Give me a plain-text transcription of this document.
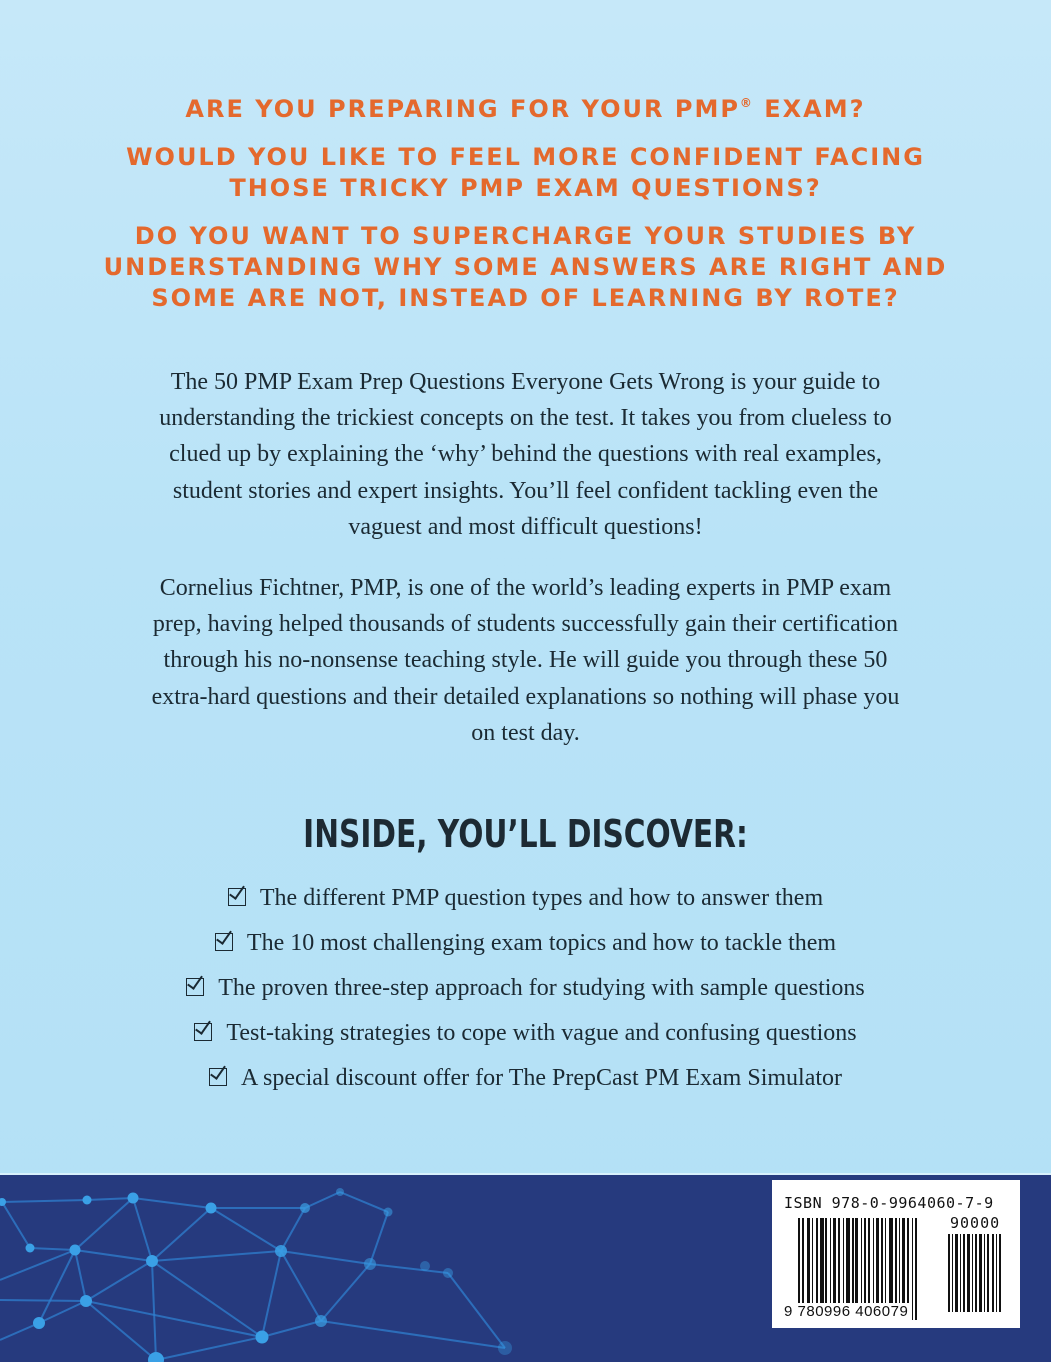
ARE YOU PREPARING FOR YOUR PMP® EXAM?

WOULD YOU LIKE TO FEEL MORE CONFIDENT FACING
THOSE TRICKY PMP EXAM QUESTIONS?

DO YOU WANT TO SUPERCHARGE YOUR STUDIES BY
UNDERSTANDING WHY SOME ANSWERS ARE RIGHT AND
SOME ARE NOT, INSTEAD OF LEARNING BY ROTE?

The 50 PMP Exam Prep Questions Everyone Gets Wrong is your guide to
understanding the trickiest concepts on the test. It takes you from clueless to
clued up by explaining the ‘why’ behind the questions with real examples,
student stories and expert insights. You’ll feel confident tackling even the
vaguest and most difficult questions!
Cornelius Fichtner, PMP, is one of the world’s leading experts in PMP exam
prep, having helped thousands of students successfully gain their certification
through his no-nonsense teaching style. He will guide you through these 50
extra-hard questions and their detailed explanations so nothing will phase you
on test day.
INSIDE, YOU’LL DISCOVER:
The different PMP question types and how to answer them
The 10 most challenging exam topics and how to tackle them
The proven three-step approach for studying with sample questions
Test-taking strategies to cope with vague and confusing questions
A special discount offer for The PrepCast PM Exam Simulator
ISBN 978-0-9964060-7-9
90000
9 780996 406079
